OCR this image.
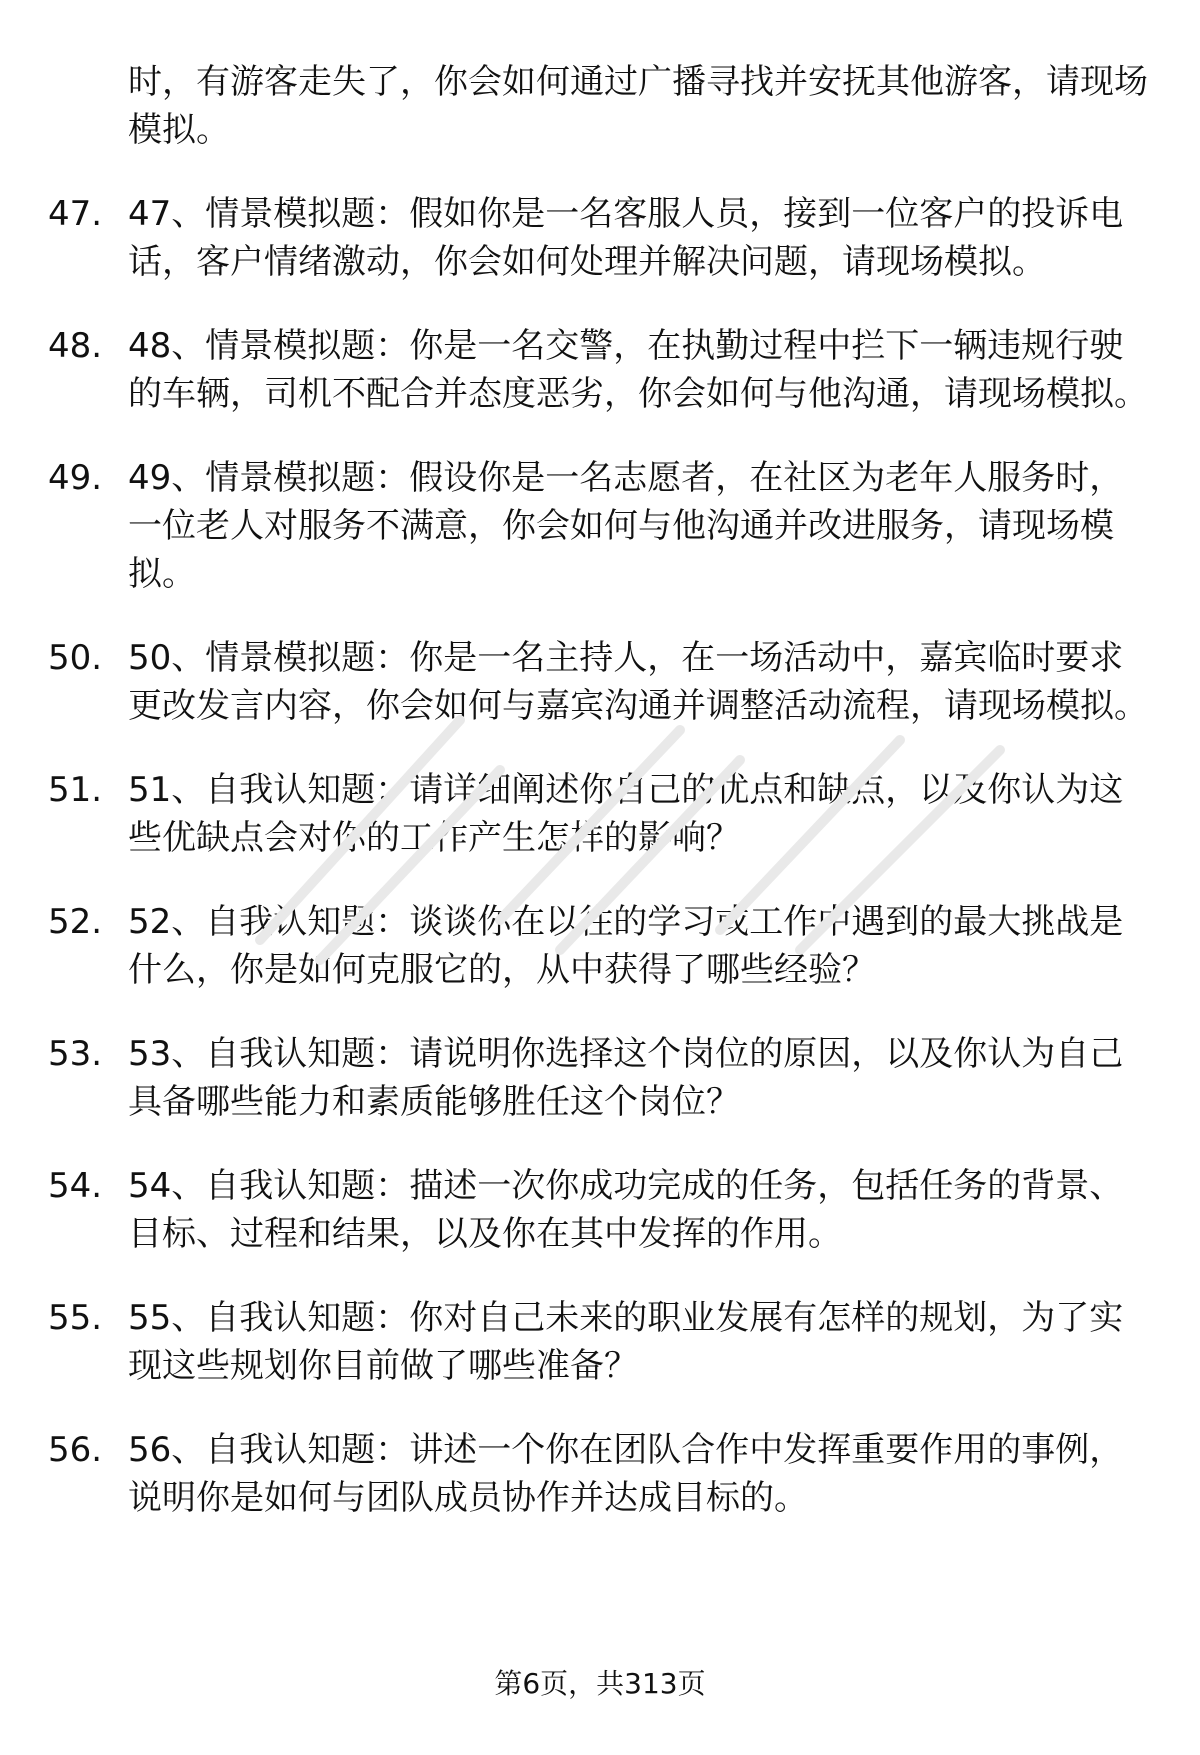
时，有游客走失了，你会如何通过广播寻找并安抚其他游客，请现场模拟。

47. 47、情景模拟题：假如你是一名客服人员，接到一位客户的投诉电话，客户情绪激动，你会如何处理并解决问题，请现场模拟。
48. 48、情景模拟题：你是一名交警，在执勤过程中拦下一辆违规行驶的车辆，司机不配合并态度恶劣，你会如何与他沟通，请现场模拟。
49. 49、情景模拟题：假设你是一名志愿者，在社区为老年人服务时，一位老人对服务不满意，你会如何与他沟通并改进服务，请现场模拟。
50. 50、情景模拟题：你是一名主持人，在一场活动中，嘉宾临时要求更改发言内容，你会如何与嘉宾沟通并调整活动流程，请现场模拟。
51. 51、自我认知题：请详细阐述你自己的优点和缺点，以及你认为这些优缺点会对你的工作产生怎样的影响？
52. 52、自我认知题：谈谈你在以往的学习或工作中遇到的最大挑战是什么，你是如何克服它的，从中获得了哪些经验？
53. 53、自我认知题：请说明你选择这个岗位的原因，以及你认为自己具备哪些能力和素质能够胜任这个岗位？
54. 54、自我认知题：描述一次你成功完成的任务，包括任务的背景、目标、过程和结果，以及你在其中发挥的作用。
55. 55、自我认知题：你对自己未来的职业发展有怎样的规划，为了实现这些规划你目前做了哪些准备？
56. 56、自我认知题：讲述一个你在团队合作中发挥重要作用的事例，说明你是如何与团队成员协作并达成目标的。
第6页，共313页
